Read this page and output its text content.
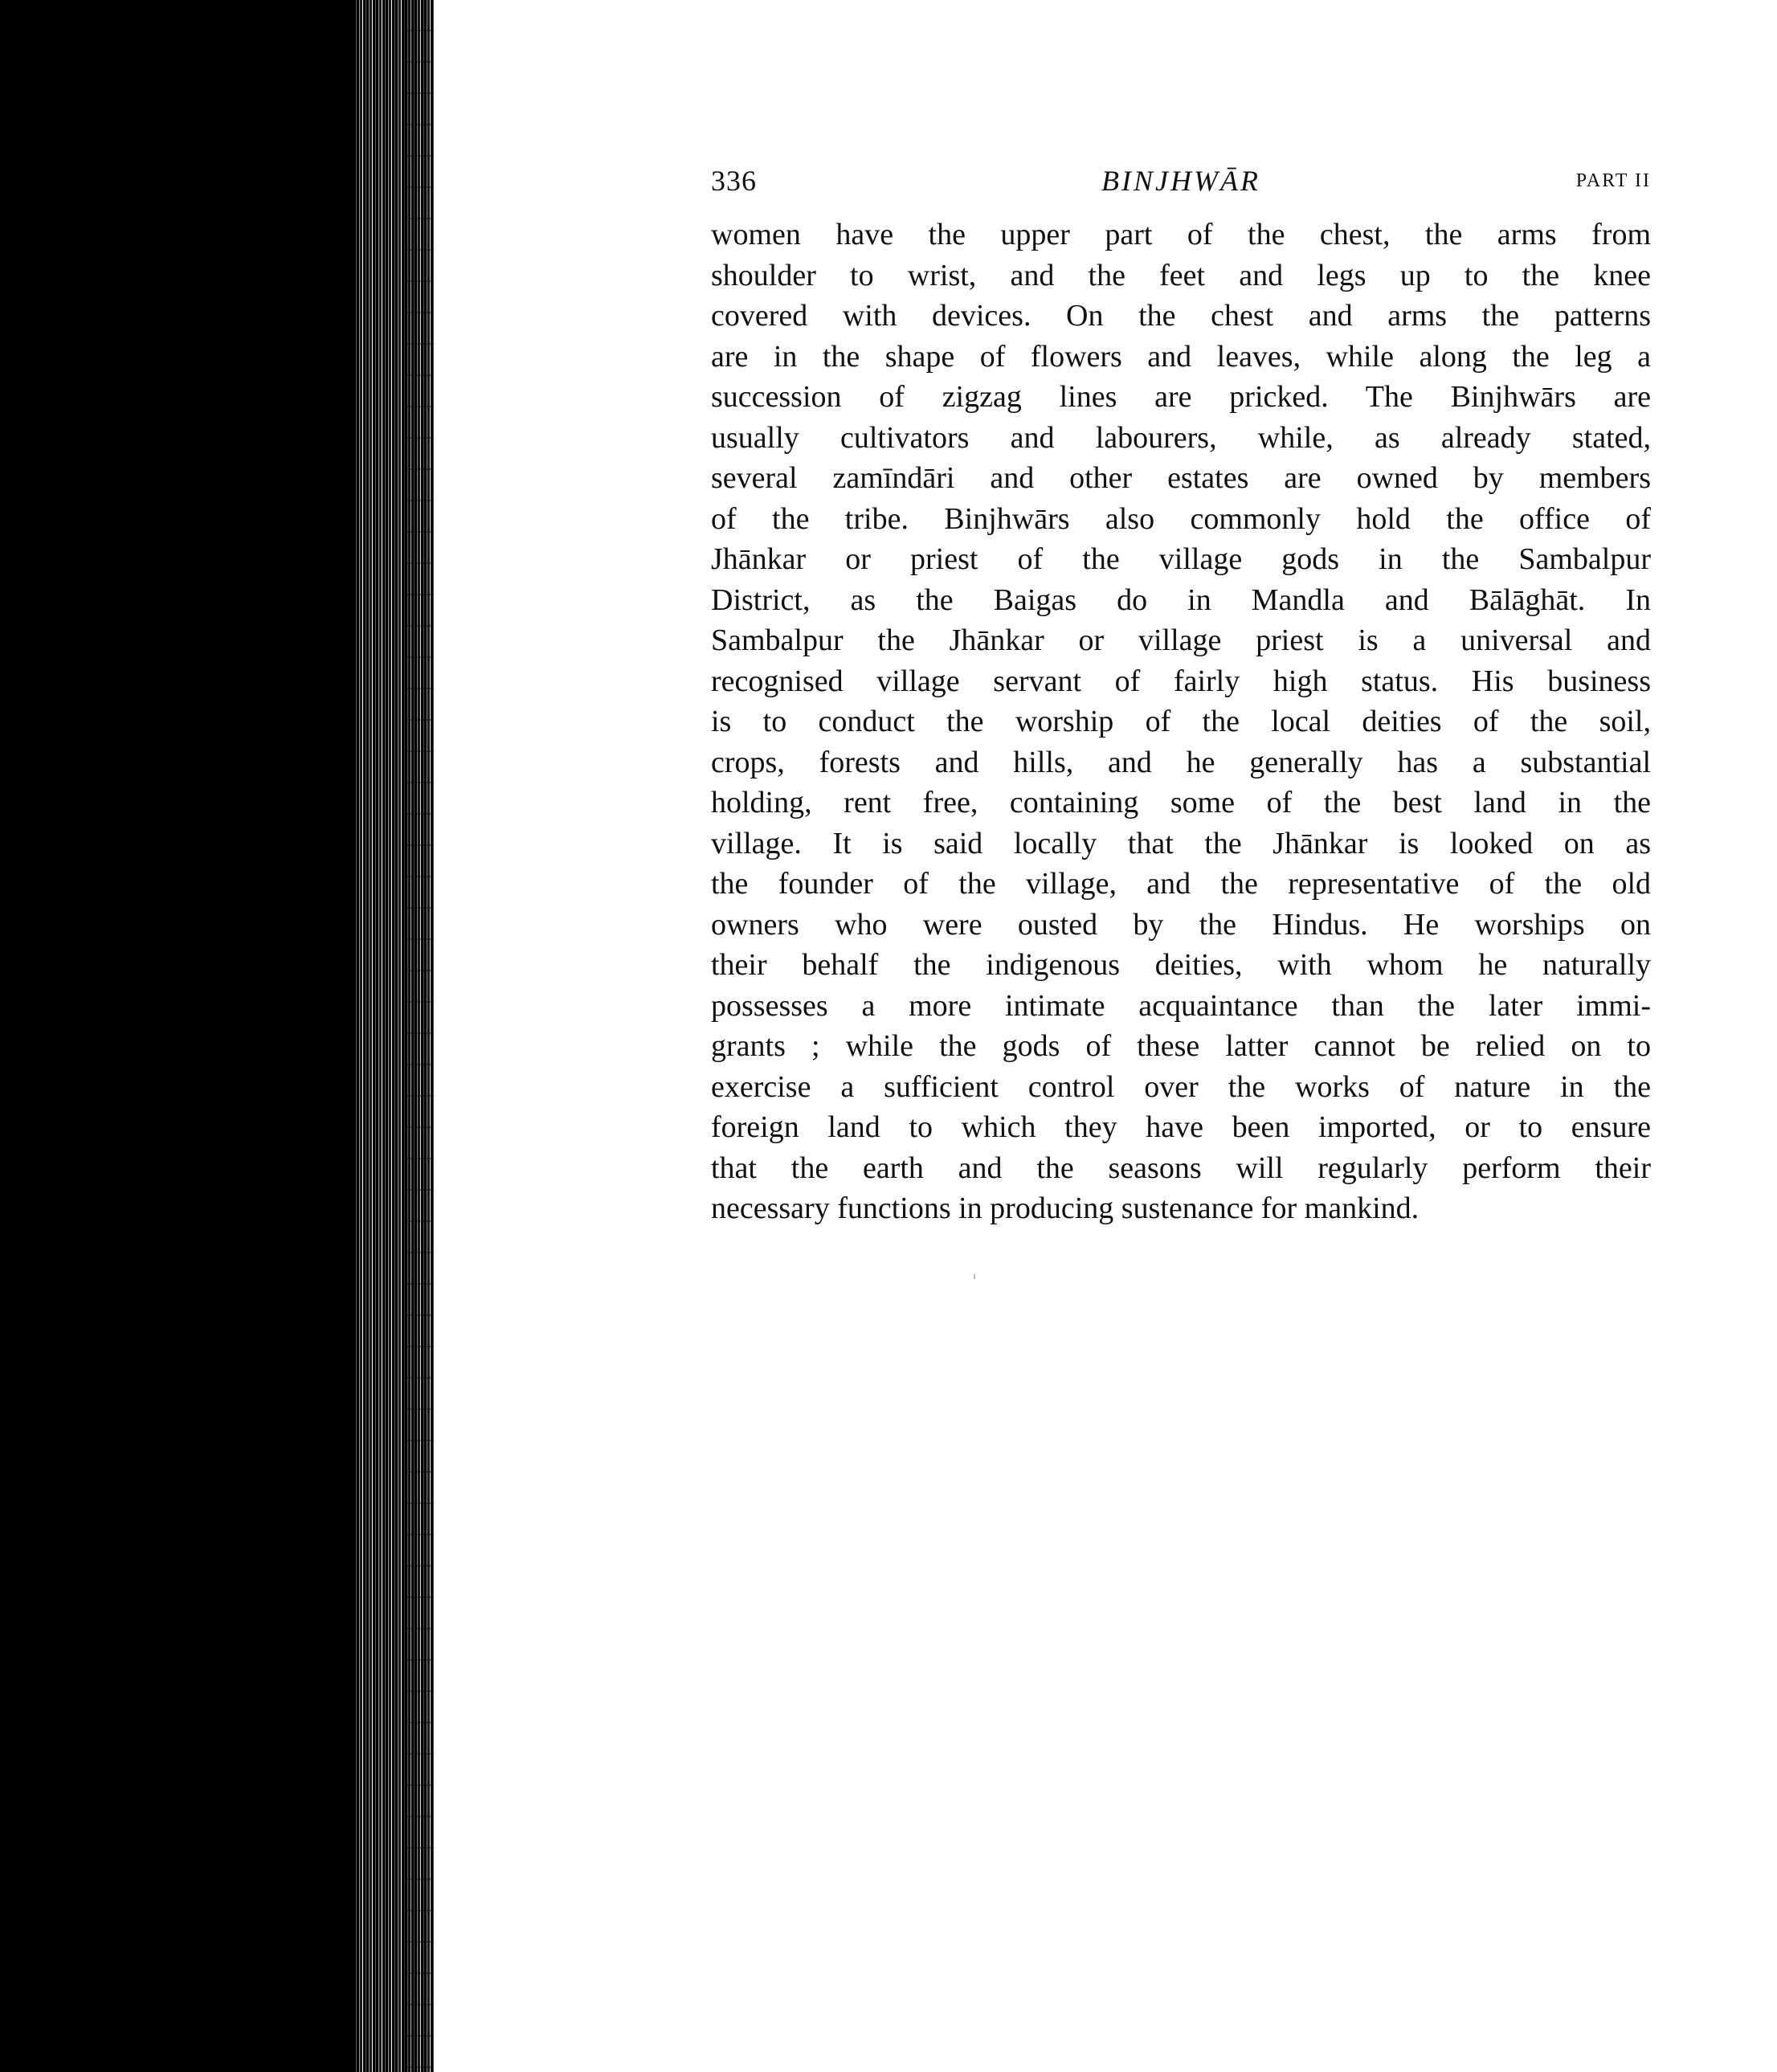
336	BINJHWĀR	PART II
women have the upper part of the chest, the arms from
shoulder to wrist, and the feet and legs up to the knee
covered with devices. On the chest and arms the patterns
are in the shape of flowers and leaves, while along the leg a
succession of zigzag lines are pricked. The Binjhwārs are
usually cultivators and labourers, while, as already stated,
several zamīndāri and other estates are owned by members
of the tribe. Binjhwārs also commonly hold the office of
Jhānkar or priest of the village gods in the Sambalpur
District, as the Baigas do in Mandla and Bālāghāt. In
Sambalpur the Jhānkar or village priest is a universal and
recognised village servant of fairly high status. His business
is to conduct the worship of the local deities of the soil,
crops, forests and hills, and he generally has a substantial
holding, rent free, containing some of the best land in the
village. It is said locally that the Jhānkar is looked on as
the founder of the village, and the representative of the old
owners who were ousted by the Hindus. He worships on
their behalf the indigenous deities, with whom he naturally
possesses a more intimate acquaintance than the later immi-
grants ; while the gods of these latter cannot be relied on to
exercise a sufficient control over the works of nature in the
foreign land to which they have been imported, or to ensure
that the earth and the seasons will regularly perform their
necessary functions in producing sustenance for mankind.
